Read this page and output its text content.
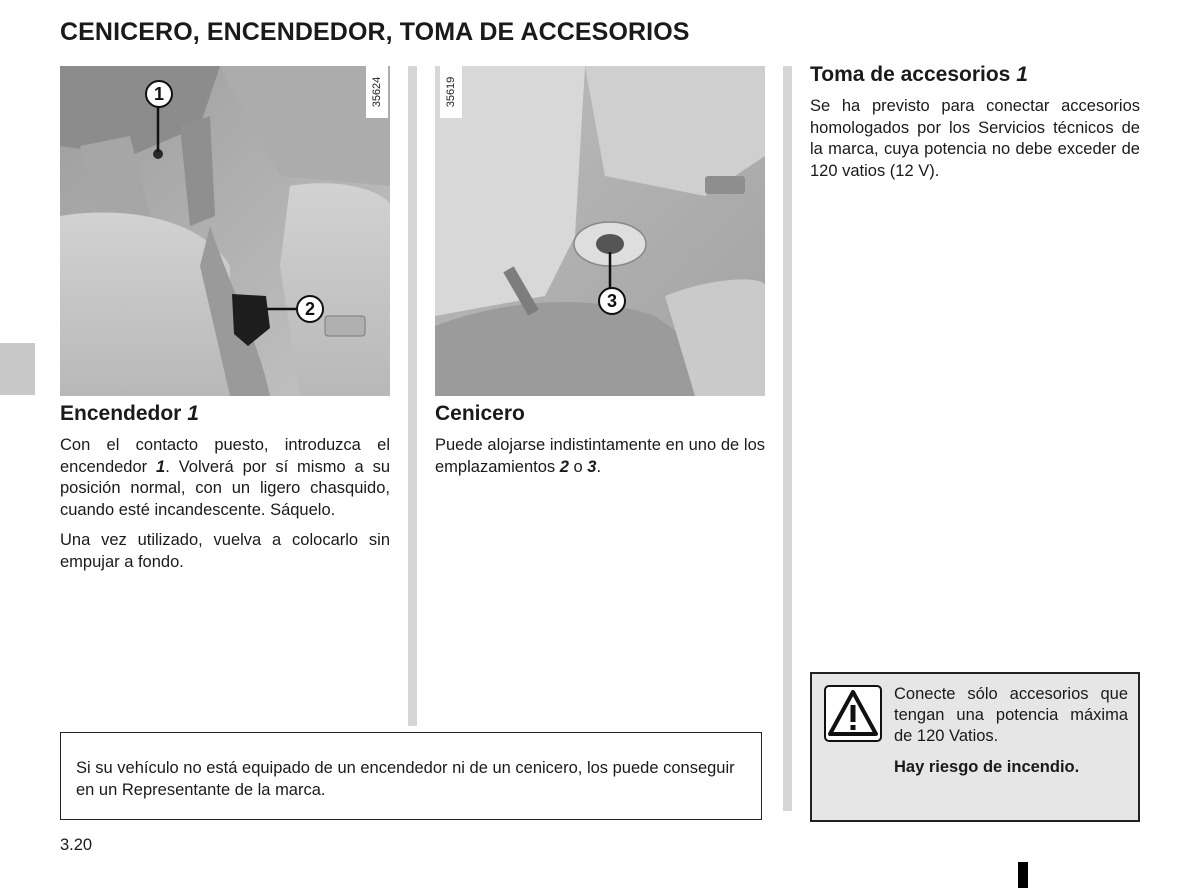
CENICERO, ENCENDEDOR, TOMA DE ACCESORIOS
1
2
35624
3
35619
Encendedor 1

Con el contacto puesto, introduzca el encendedor 1. Volverá por sí mismo a su posición normal, con un ligero chasquido, cuando esté incandescente. Sáquelo.

Una vez utilizado, vuelva a colocarlo sin empujar a fondo.

Cenicero

Puede alojarse indistintamente en uno de los emplazamientos 2 o 3.

Toma de accesorios 1

Se ha previsto para conectar accesorios homologados por los Servicios técnicos de la marca, cuya potencia no debe exceder de 120 vatios (12 V).

Si su vehículo no está equipado de un encendedor ni de un cenicero, los puede conseguir en un Representante de la marca.

Conecte sólo accesorios que tengan una potencia máxima de 120 Vatios.

Hay riesgo de incendio.

3.20
